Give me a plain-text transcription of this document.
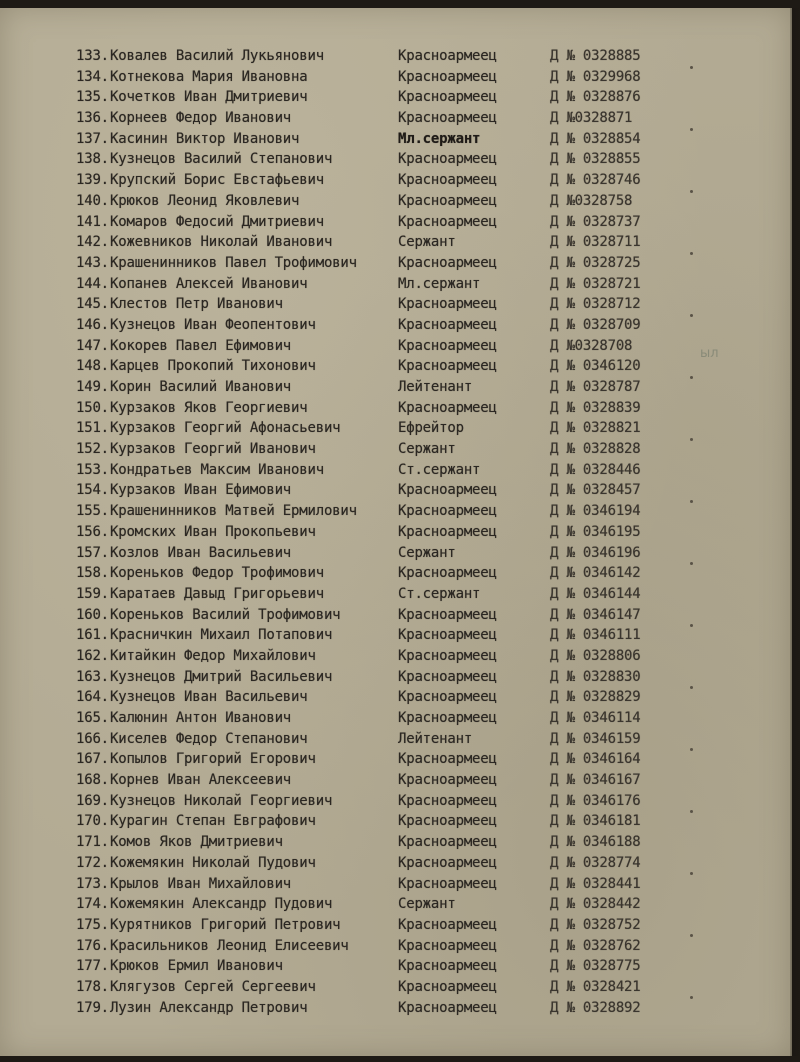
133. Ковалев Василий Лукьянович	Красноармеец	Д № 0328885
134. Котнекова Мария Ивановна	Красноармеец	Д № 0329968
135. Кочетков Иван Дмитриевич	Красноармеец	Д № 0328876
136. Корнеев Федор Иванович	Красноармеец	Д №0328871
137. Касинин Виктор Иванович	Мл.сержант	Д № 0328854
138. Кузнецов Василий Степанович	Красноармеец	Д № 0328855
139. Крупский Борис Евстафьевич	Красноармеец	Д № 0328746
140. Крюков Леонид Яковлевич	Красноармеец	Д №0328758
141. Комаров Федосий Дмитриевич	Красноармеец	Д № 0328737
142. Кожевников Николай Иванович	Сержант	Д № 0328711
143. Крашенинников Павел Трофимович	Красноармеец	Д № 0328725
144. Копанев Алексей Иванович	Мл.сержант	Д № 0328721
145. Клестов Петр Иванович	Красноармеец	Д № 0328712
146. Кузнецов Иван Феопентович	Красноармеец	Д № 0328709
147. Кокорев Павел Ефимович	Красноармеец	Д №0328708
148. Карцев Прокопий Тихонович	Красноармеец	Д № 0346120
149. Корин Василий Иванович	Лейтенант	Д № 0328787
150. Курзаков Яков Георгиевич	Красноармеец	Д № 0328839
151. Курзаков Георгий Афонасьевич	Ефрейтор	Д № 0328821
152. Курзаков Георгий Иванович	Сержант	Д № 0328828
153. Кондратьев Максим Иванович	Ст.сержант	Д № 0328446
154. Курзаков Иван Ефимович	Красноармеец	Д № 0328457
155. Крашенинников Матвей Ермилович	Красноармеец	Д № 0346194
156. Кромских Иван Прокопьевич	Красноармеец	Д № 0346195
157. Козлов Иван Васильевич	Сержант	Д № 0346196
158. Кореньков Федор Трофимович	Красноармеец	Д № 0346142
159. Каратаев Давыд Григорьевич	Ст.сержант	Д № 0346144
160. Кореньков Василий Трофимович	Красноармеец	Д № 0346147
161. Красничкин Михаил Потапович	Красноармеец	Д № 0346111
162. Китайкин Федор Михайлович	Красноармеец	Д № 0328806
163. Кузнецов Дмитрий Васильевич	Красноармеец	Д № 0328830
164. Кузнецов Иван Васильевич	Красноармеец	Д № 0328829
165. Калюнин Антон Иванович	Красноармеец	Д № 0346114
166. Киселев Федор Степанович	Лейтенант	Д № 0346159
167. Копылов Григорий Егорович	Красноармеец	Д № 0346164
168. Корнев Иван Алексеевич	Красноармеец	Д № 0346167
169. Кузнецов Николай Георгиевич	Красноармеец	Д № 0346176
170. Курагин Степан Евграфович	Красноармеец	Д № 0346181
171. Комов Яков Дмитриевич	Красноармеец	Д № 0346188
172. Кожемякин Николай Пудович	Красноармеец	Д № 0328774
173. Крылов Иван Михайлович	Красноармеец	Д № 0328441
174. Кожемякин Александр Пудович	Сержант	Д № 0328442
175. Курятников Григорий Петрович	Красноармеец	Д № 0328752
176. Красильников Леонид Елисеевич	Красноармеец	Д № 0328762
177. Крюков Ермил Иванович	Красноармеец	Д № 0328775
178. Клягузов Сергей Сергеевич	Красноармеец	Д № 0328421
179. Лузин Александр Петрович	Красноармеец	Д № 0328892
ыл
